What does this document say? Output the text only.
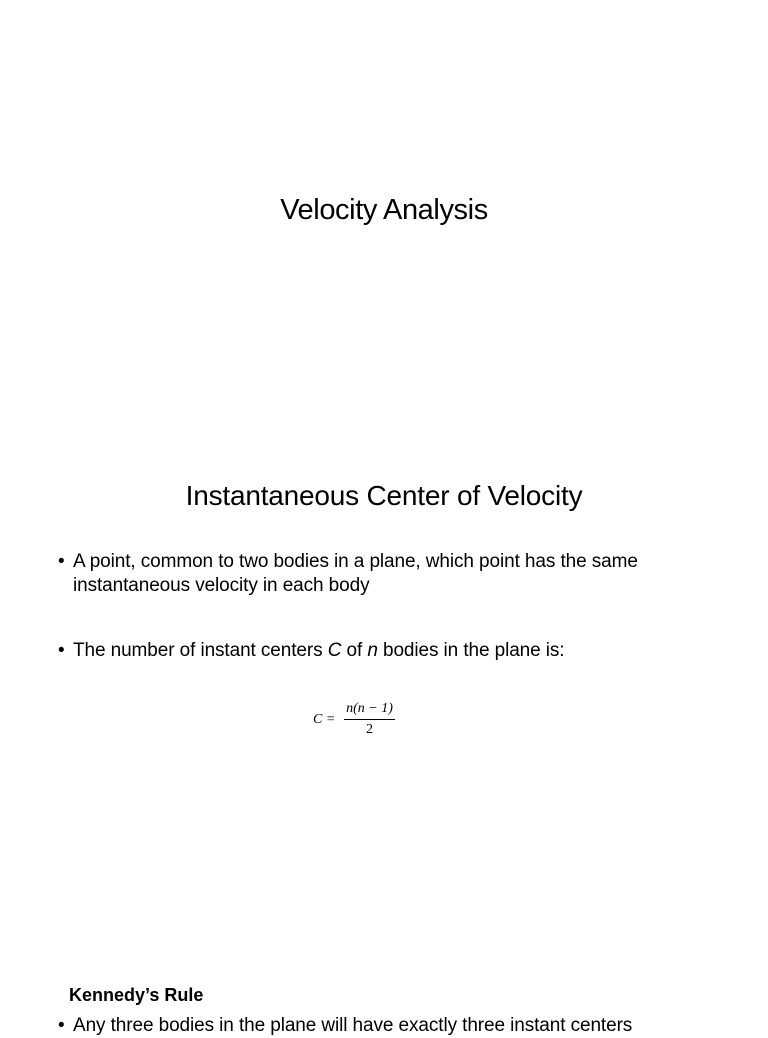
Velocity Analysis
Instantaneous Center of Velocity
• A point, common to two bodies in a plane, which point has the same
instantaneous velocity in each body
• The number of instant centers C of n bodies in the plane is:
C =
n(n − 1)
2
Kennedy’s Rule
• Any three bodies in the plane will have exactly three instant centers
